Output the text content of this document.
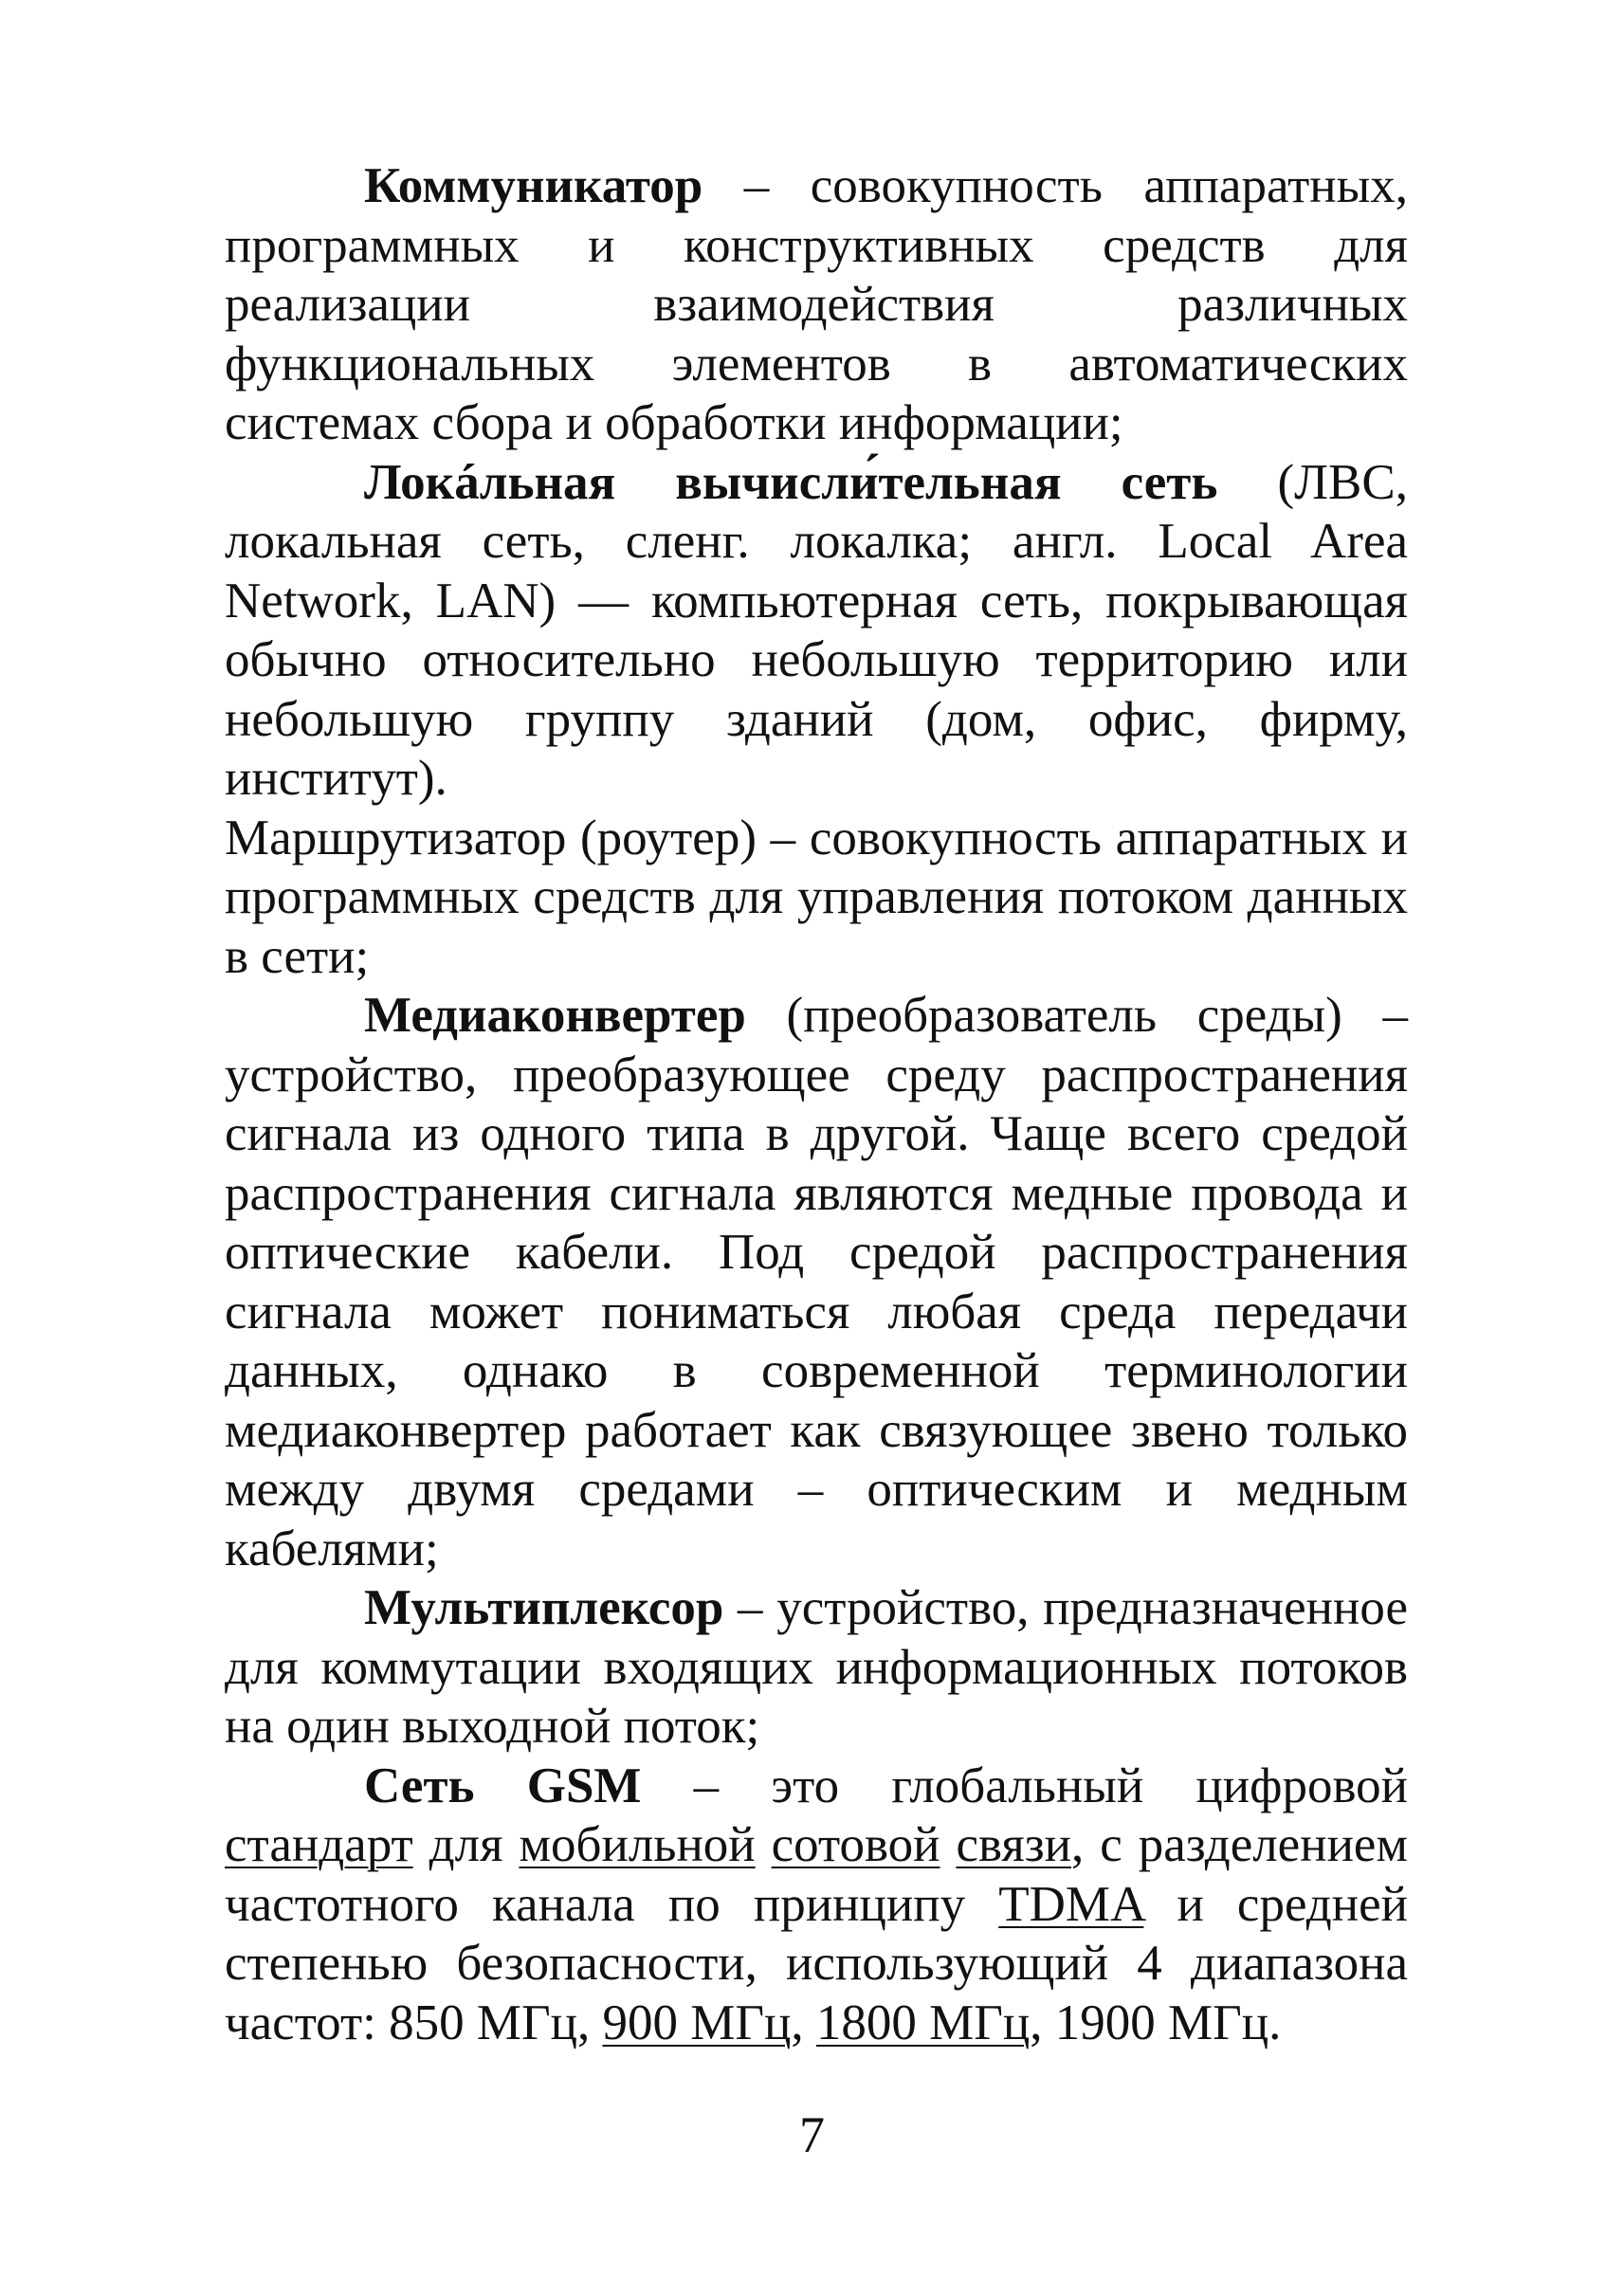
Коммуникатор – совокупность аппаратных, программных и конструктивных средств для реализации взаимодействия различных функциональных элементов в автоматических системах сбора и обработки информации;

Локáльная вычисли́тельная сеть (ЛВС, локальная сеть, сленг. локалка; англ. Local Area Network, LAN) — компьютерная сеть, покрывающая обычно относительно небольшую территорию или небольшую группу зданий (дом, офис, фирму, институт).

Маршрутизатор (роутер) – совокупность аппаратных и программных средств для управления потоком данных в сети;

Медиаконвертер (преобразователь среды) – устройство, преобразующее среду распространения сигнала из одного типа в другой. Чаще всего средой распространения сигнала являются медные провода и оптические кабели. Под средой распространения сигнала может пониматься любая среда передачи данных, однако в современной терминологии медиаконвертер работает как связующее звено только между двумя средами – оптическим и медным кабелями;

Мультиплексор – устройство, предназначенное для коммутации входящих информационных потоков на один выходной поток;

Сеть GSM – это глобальный цифровой стандарт для мобильной сотовой связи, с разделением частотного канала по принципу TDMA и средней степенью безопасности, использующий 4 диапазона частот: 850 МГц, 900 МГц, 1800 МГц, 1900 МГц.

7
